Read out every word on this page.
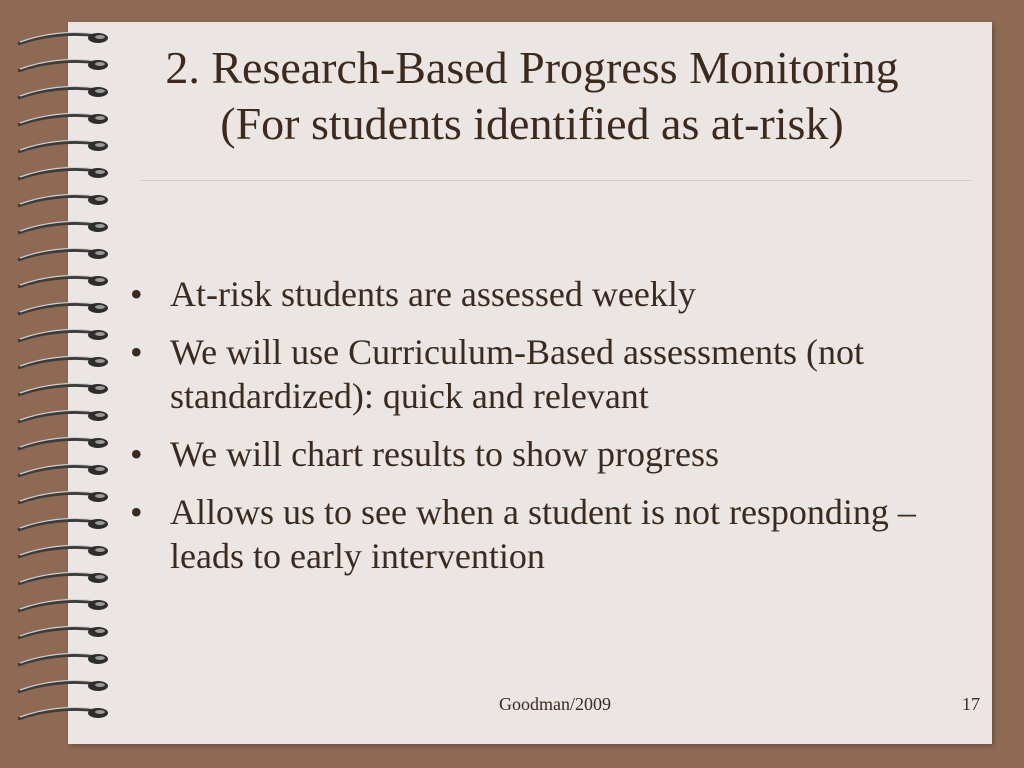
2. Research-Based Progress Monitoring
(For students identified as at-risk)
• At-risk students are assessed weekly
• We will use Curriculum-Based assessments (not standardized): quick and relevant
• We will chart results to show progress
• Allows us to see when a student is not responding – leads to early intervention
Goodman/2009	17
